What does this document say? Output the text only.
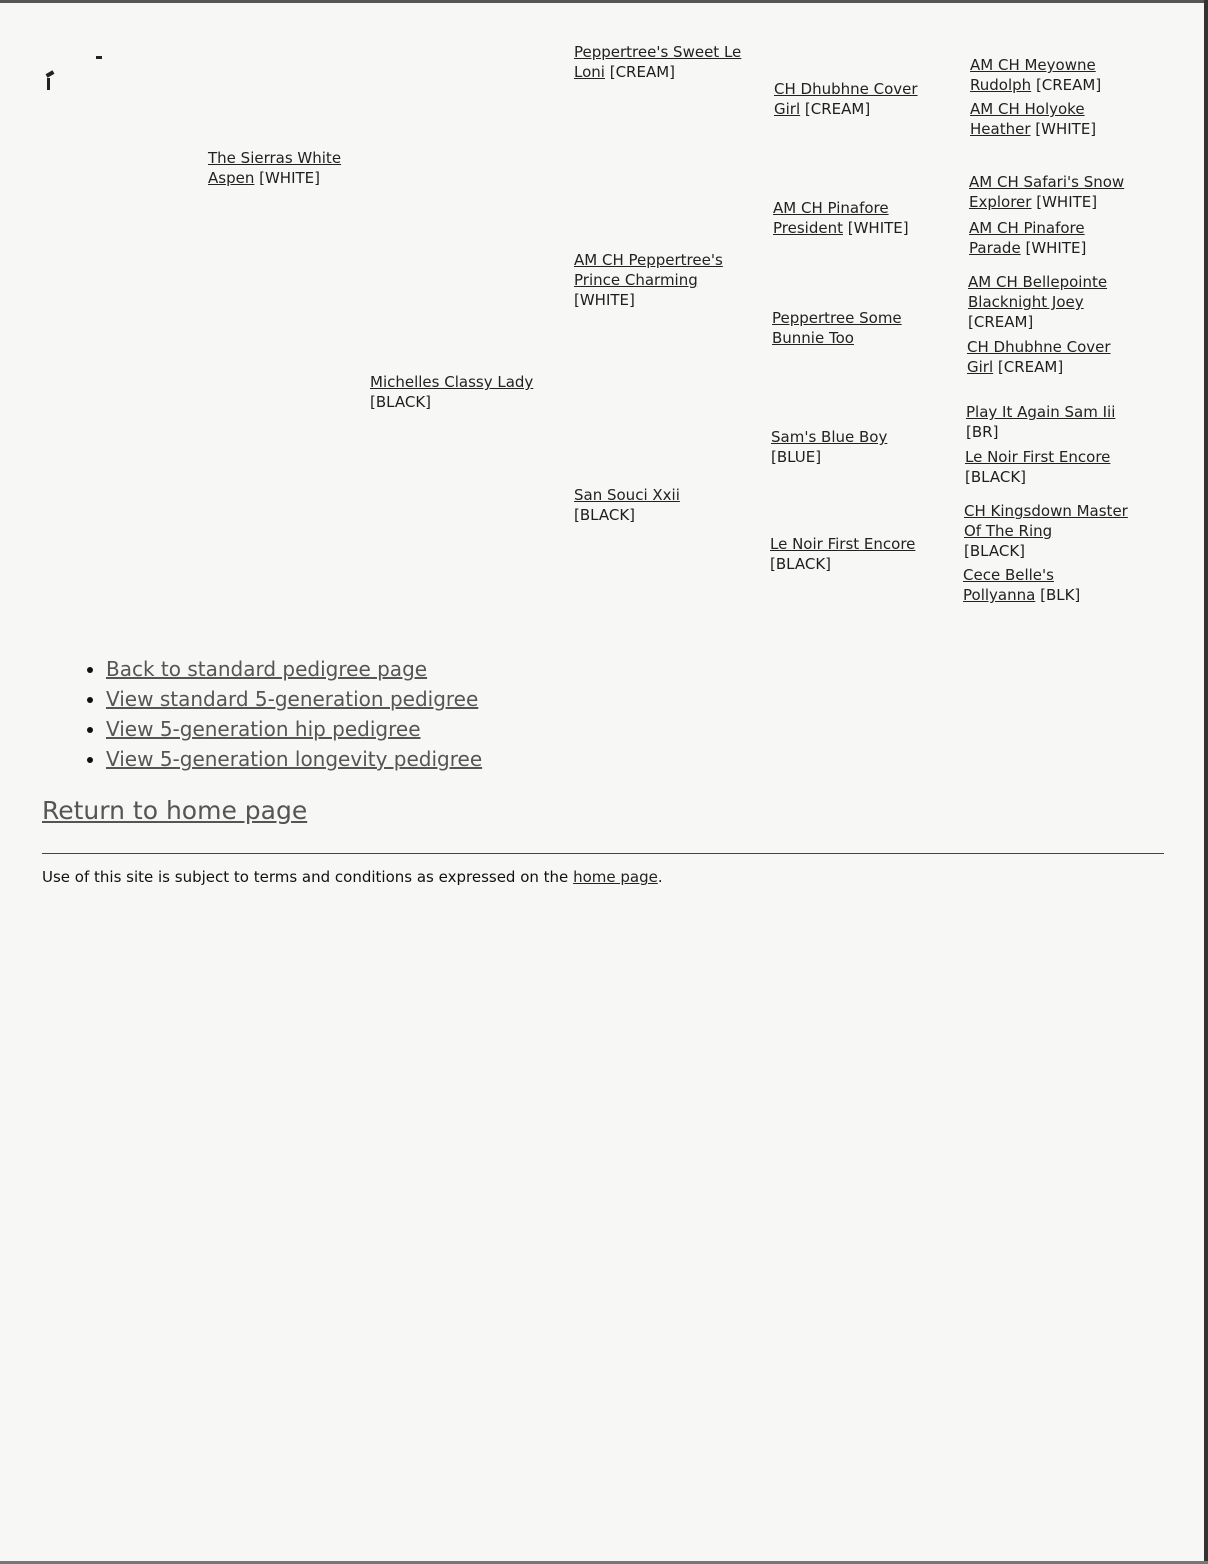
The Sierras White Aspen [WHITE]
Michelles Classy Lady
[BLACK]
Peppertree's Sweet Le Loni [CREAM]
AM CH Peppertree's Prince Charming
[WHITE]
San Souci Xxii
[BLACK]
CH Dhubhne Cover Girl [CREAM]
AM CH Pinafore President [WHITE]
Peppertree Some Bunnie Too
Sam's Blue Boy
[BLUE]
Le Noir First Encore
[BLACK]
AM CH Meyowne Rudolph [CREAM]
AM CH Holyoke Heather [WHITE]
AM CH Safari's Snow Explorer [WHITE]
AM CH Pinafore Parade [WHITE]
AM CH Bellepointe Blacknight Joey
[CREAM]
CH Dhubhne Cover Girl [CREAM]
Play It Again Sam Iii
[BR]
Le Noir First Encore
[BLACK]
CH Kingsdown Master Of The Ring
[BLACK]
Cece Belle's Pollyanna [BLK]
• Back to standard pedigree page
• View standard 5-generation pedigree
• View 5-generation hip pedigree
• View 5-generation longevity pedigree
Return to home page
Use of this site is subject to terms and conditions as expressed on the home page.
